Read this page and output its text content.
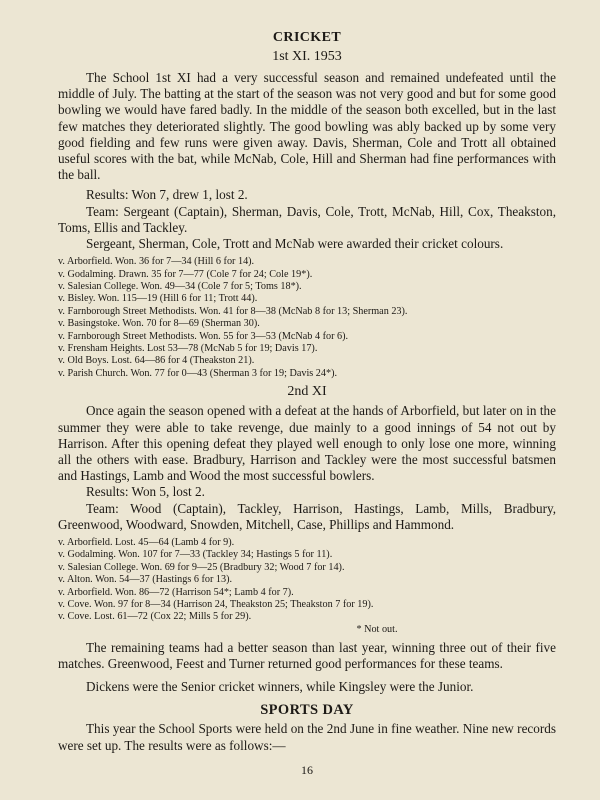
CRICKET
1st XI. 1953

The School 1st XI had a very successful season and remained undefeated until the middle of July. The batting at the start of the season was not very good and but for some good bowling we would have fared badly. In the middle of the season both excelled, but in the last few matches they deteriorated slightly. The good bowling was ably backed up by some very good fielding and few runs were given away. Davis, Sherman, Cole and Trott all obtained useful scores with the bat, while McNab, Cole, Hill and Sherman had fine performances with the ball.

Results: Won 7, drew 1, lost 2.

Team: Sergeant (Captain), Sherman, Davis, Cole, Trott, McNab, Hill, Cox, Theakston, Toms, Ellis and Tackley.

Sergeant, Sherman, Cole, Trott and McNab were awarded their cricket colours.

v. Arborfield. Won. 36 for 7—34 (Hill 6 for 14).
v. Godalming. Drawn. 35 for 7—77 (Cole 7 for 24; Cole 19*).
v. Salesian College. Won. 49—34 (Cole 7 for 5; Toms 18*).
v. Bisley. Won. 115—19 (Hill 6 for 11; Trott 44).
v. Farnborough Street Methodists. Won. 41 for 8—38 (McNab 8 for 13; Sherman 23).
v. Basingstoke. Won. 70 for 8—69 (Sherman 30).
v. Farnborough Street Methodists. Won. 55 for 3—53 (McNab 4 for 6).
v. Frensham Heights. Lost 53—78 (McNab 5 for 19; Davis 17).
v. Old Boys. Lost. 64—86 for 4 (Theakston 21).
v. Parish Church. Won. 77 for 0—43 (Sherman 3 for 19; Davis 24*).
2nd XI

Once again the season opened with a defeat at the hands of Arborfield, but later on in the summer they were able to take revenge, due mainly to a good innings of 54 not out by Harrison. After this opening defeat they played well enough to only lose one more, winning all the others with ease. Bradbury, Harrison and Tackley were the most successful batsmen and Hastings, Lamb and Wood the most successful bowlers.

Results: Won 5, lost 2.

Team: Wood (Captain), Tackley, Harrison, Hastings, Lamb, Mills, Bradbury, Greenwood, Woodward, Snowden, Mitchell, Case, Phillips and Hammond.

v. Arborfield. Lost. 45—64 (Lamb 4 for 9).
v. Godalming. Won. 107 for 7—33 (Tackley 34; Hastings 5 for 11).
v. Salesian College. Won. 69 for 9—25 (Bradbury 32; Wood 7 for 14).
v. Alton. Won. 54—37 (Hastings 6 for 13).
v. Arborfield. Won. 86—72 (Harrison 54*; Lamb 4 for 7).
v. Cove. Won. 97 for 8—34 (Harrison 24, Theakston 25; Theakston 7 for 19).
v. Cove. Lost. 61—72 (Cox 22; Mills 5 for 29).
* Not out.

The remaining teams had a better season than last year, winning three out of their five matches. Greenwood, Feest and Turner returned good performances for these teams.

Dickens were the Senior cricket winners, while Kingsley were the Junior.

SPORTS DAY

This year the School Sports were held on the 2nd June in fine weather. Nine new records were set up. The results were as follows:—

16
